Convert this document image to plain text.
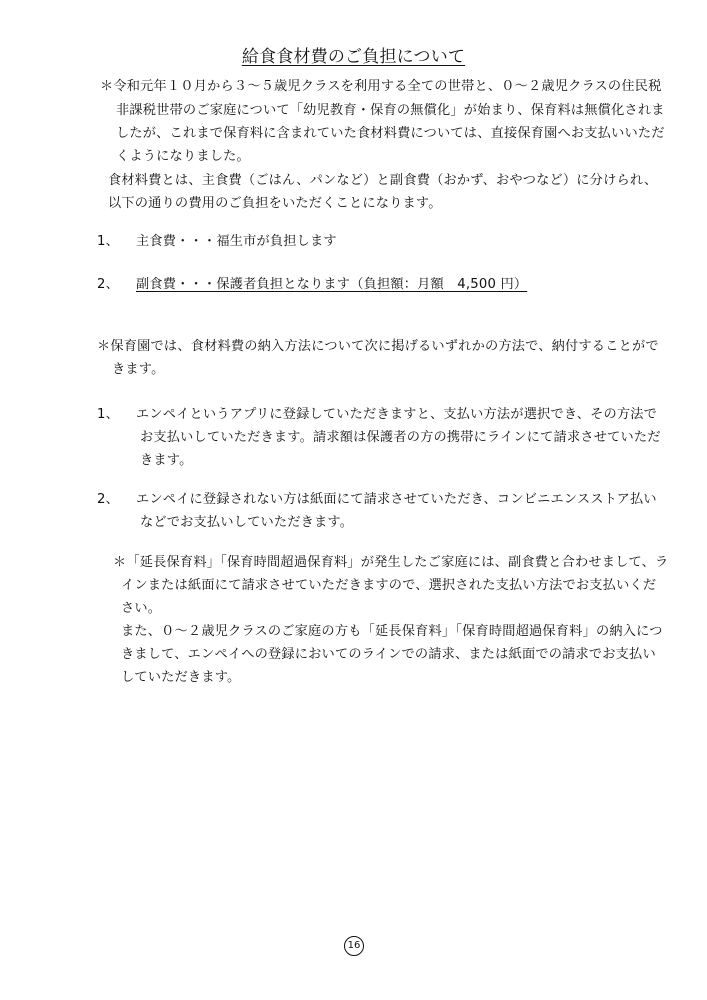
給食食材費のご負担について
＊令和元年１０月から３～５歳児クラスを利用する全ての世帯と、０～２歳児クラスの住民税
非課税世帯のご家庭について「幼児教育・保育の無償化」が始まり、保育料は無償化されま
したが、これまで保育料に含まれていた食材料費については、直接保育園へお支払いいただ
くようになりました。
食材料費とは、主食費（ごはん、パンなど）と副食費（おかず、おやつなど）に分けられ、
以下の通りの費用のご負担をいただくことになります。
1、 主食費・・・福生市が負担します
2、 副食費・・・保護者負担となります（負担額：月額　4,500 円）
＊保育園では、食材料費の納入方法について次に掲げるいずれかの方法で、納付することがで
きます。
1、 エンペイというアプリに登録していただきますと、支払い方法が選択でき、その方法で
お支払いしていただきます。請求額は保護者の方の携帯にラインにて請求させていただ
きます。
2、 エンペイに登録されない方は紙面にて請求させていただき、コンビニエンスストア払い
などでお支払いしていただきます。
＊「延長保育料」「保育時間超過保育料」が発生したご家庭には、副食費と合わせまして、ラ
インまたは紙面にて請求させていただきますので、選択された支払い方法でお支払いくだ
さい。
また、０～２歳児クラスのご家庭の方も「延長保育料」「保育時間超過保育料」の納入につ
きまして、エンペイへの登録においてのラインでの請求、または紙面での請求でお支払い
していただきます。
16
